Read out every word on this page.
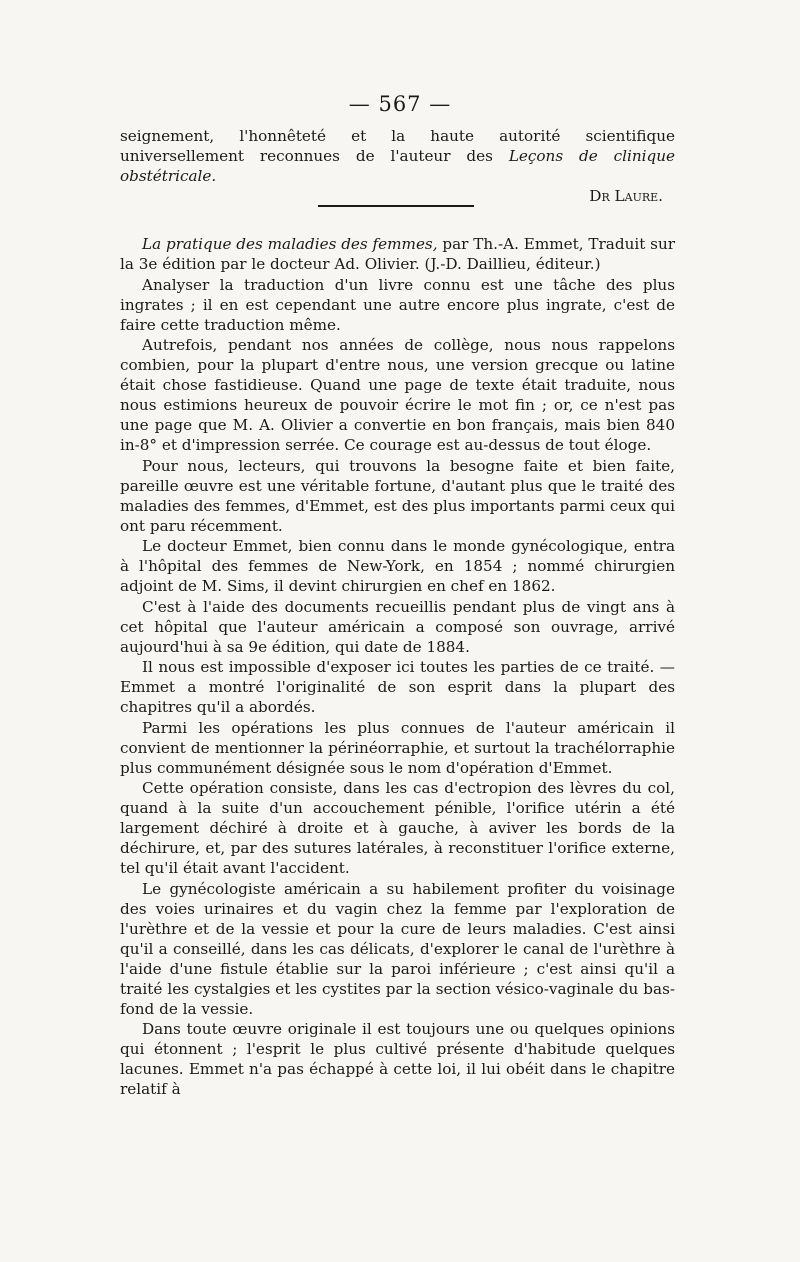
— 567 —

seignement, l'honnêteté et la haute autorité scientifique universellement reconnues de l'auteur des Leçons de clinique obstétricale.

Dr Laure.

La pratique des maladies des femmes, par Th.-A. Emmet, Traduit sur la 3e édition par le docteur Ad. Olivier. (J.-D. Daillieu, éditeur.)

Analyser la traduction d'un livre connu est une tâche des plus ingrates ; il en est cependant une autre encore plus ingrate, c'est de faire cette traduction même.

Autrefois, pendant nos années de collège, nous nous rappelons combien, pour la plupart d'entre nous, une version grecque ou latine était chose fastidieuse. Quand une page de texte était traduite, nous nous estimions heureux de pouvoir écrire le mot fin ; or, ce n'est pas une page que M. A. Olivier a convertie en bon français, mais bien 840 in-8° et d'impression serrée. Ce courage est au-dessus de tout éloge.

Pour nous, lecteurs, qui trouvons la besogne faite et bien faite, pareille œuvre est une véritable fortune, d'autant plus que le traité des maladies des femmes, d'Emmet, est des plus importants parmi ceux qui ont paru récemment.

Le docteur Emmet, bien connu dans le monde gynécologique, entra à l'hôpital des femmes de New-York, en 1854 ; nommé chirurgien adjoint de M. Sims, il devint chirurgien en chef en 1862.

C'est à l'aide des documents recueillis pendant plus de vingt ans à cet hôpital que l'auteur américain a composé son ouvrage, arrivé aujourd'hui à sa 9e édition, qui date de 1884.

Il nous est impossible d'exposer ici toutes les parties de ce traité. — Emmet a montré l'originalité de son esprit dans la plupart des chapitres qu'il a abordés.

Parmi les opérations les plus connues de l'auteur américain il convient de mentionner la périnéorraphie, et surtout la trachélorraphie plus communément désignée sous le nom d'opération d'Emmet.

Cette opération consiste, dans les cas d'ectropion des lèvres du col, quand à la suite d'un accouchement pénible, l'orifice utérin a été largement déchiré à droite et à gauche, à aviver les bords de la déchirure, et, par des sutures latérales, à reconstituer l'orifice externe, tel qu'il était avant l'accident.

Le gynécologiste américain a su habilement profiter du voisinage des voies urinaires et du vagin chez la femme par l'exploration de l'urèthre et de la vessie et pour la cure de leurs maladies. C'est ainsi qu'il a conseillé, dans les cas délicats, d'explorer le canal de l'urèthre à l'aide d'une fistule établie sur la paroi inférieure ; c'est ainsi qu'il a traité les cystalgies et les cystites par la section vésico-vaginale du bas-fond de la vessie.

Dans toute œuvre originale il est toujours une ou quelques opinions qui étonnent ; l'esprit le plus cultivé présente d'habitude quelques lacunes. Emmet n'a pas échappé à cette loi, il lui obéit dans le chapitre relatif à
